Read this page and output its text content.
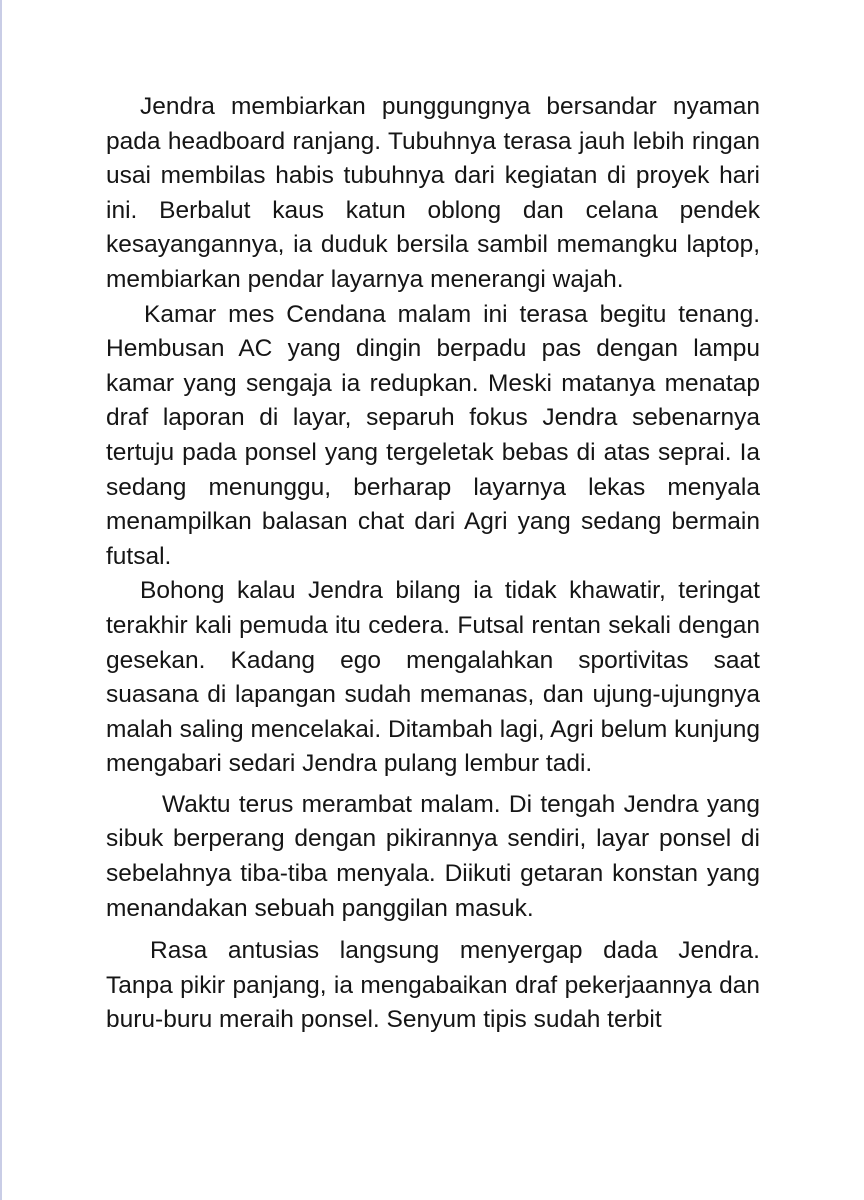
Jendra membiarkan punggungnya bersandar nyaman pada headboard ranjang. Tubuhnya terasa jauh lebih ringan usai membilas habis tubuhnya dari kegiatan di proyek hari ini. Berbalut kaus katun oblong dan celana pendek kesayangannya, ia duduk bersila sambil memangku laptop, membiarkan pendar layarnya menerangi wajah.

Kamar mes Cendana malam ini terasa begitu tenang. Hembusan AC yang dingin berpadu pas dengan lampu kamar yang sengaja ia redupkan. Meski matanya menatap draf laporan di layar, separuh fokus Jendra sebenarnya tertuju pada ponsel yang tergeletak bebas di atas seprai. Ia sedang menunggu, berharap layarnya lekas menyala menampilkan balasan chat dari Agri yang sedang bermain futsal.

Bohong kalau Jendra bilang ia tidak khawatir, teringat terakhir kali pemuda itu cedera. Futsal rentan sekali dengan gesekan. Kadang ego mengalahkan sportivitas saat suasana di lapangan sudah memanas, dan ujung-ujungnya malah saling mencelakai. Ditambah lagi, Agri belum kunjung mengabari sedari Jendra pulang lembur tadi.

Waktu terus merambat malam. Di tengah Jendra yang sibuk berperang dengan pikirannya sendiri, layar ponsel di sebelahnya tiba-tiba menyala. Diikuti getaran konstan yang menandakan sebuah panggilan masuk.

Rasa antusias langsung menyergap dada Jendra. Tanpa pikir panjang, ia mengabaikan draf pekerjaannya dan buru-buru meraih ponsel. Senyum tipis sudah terbit
